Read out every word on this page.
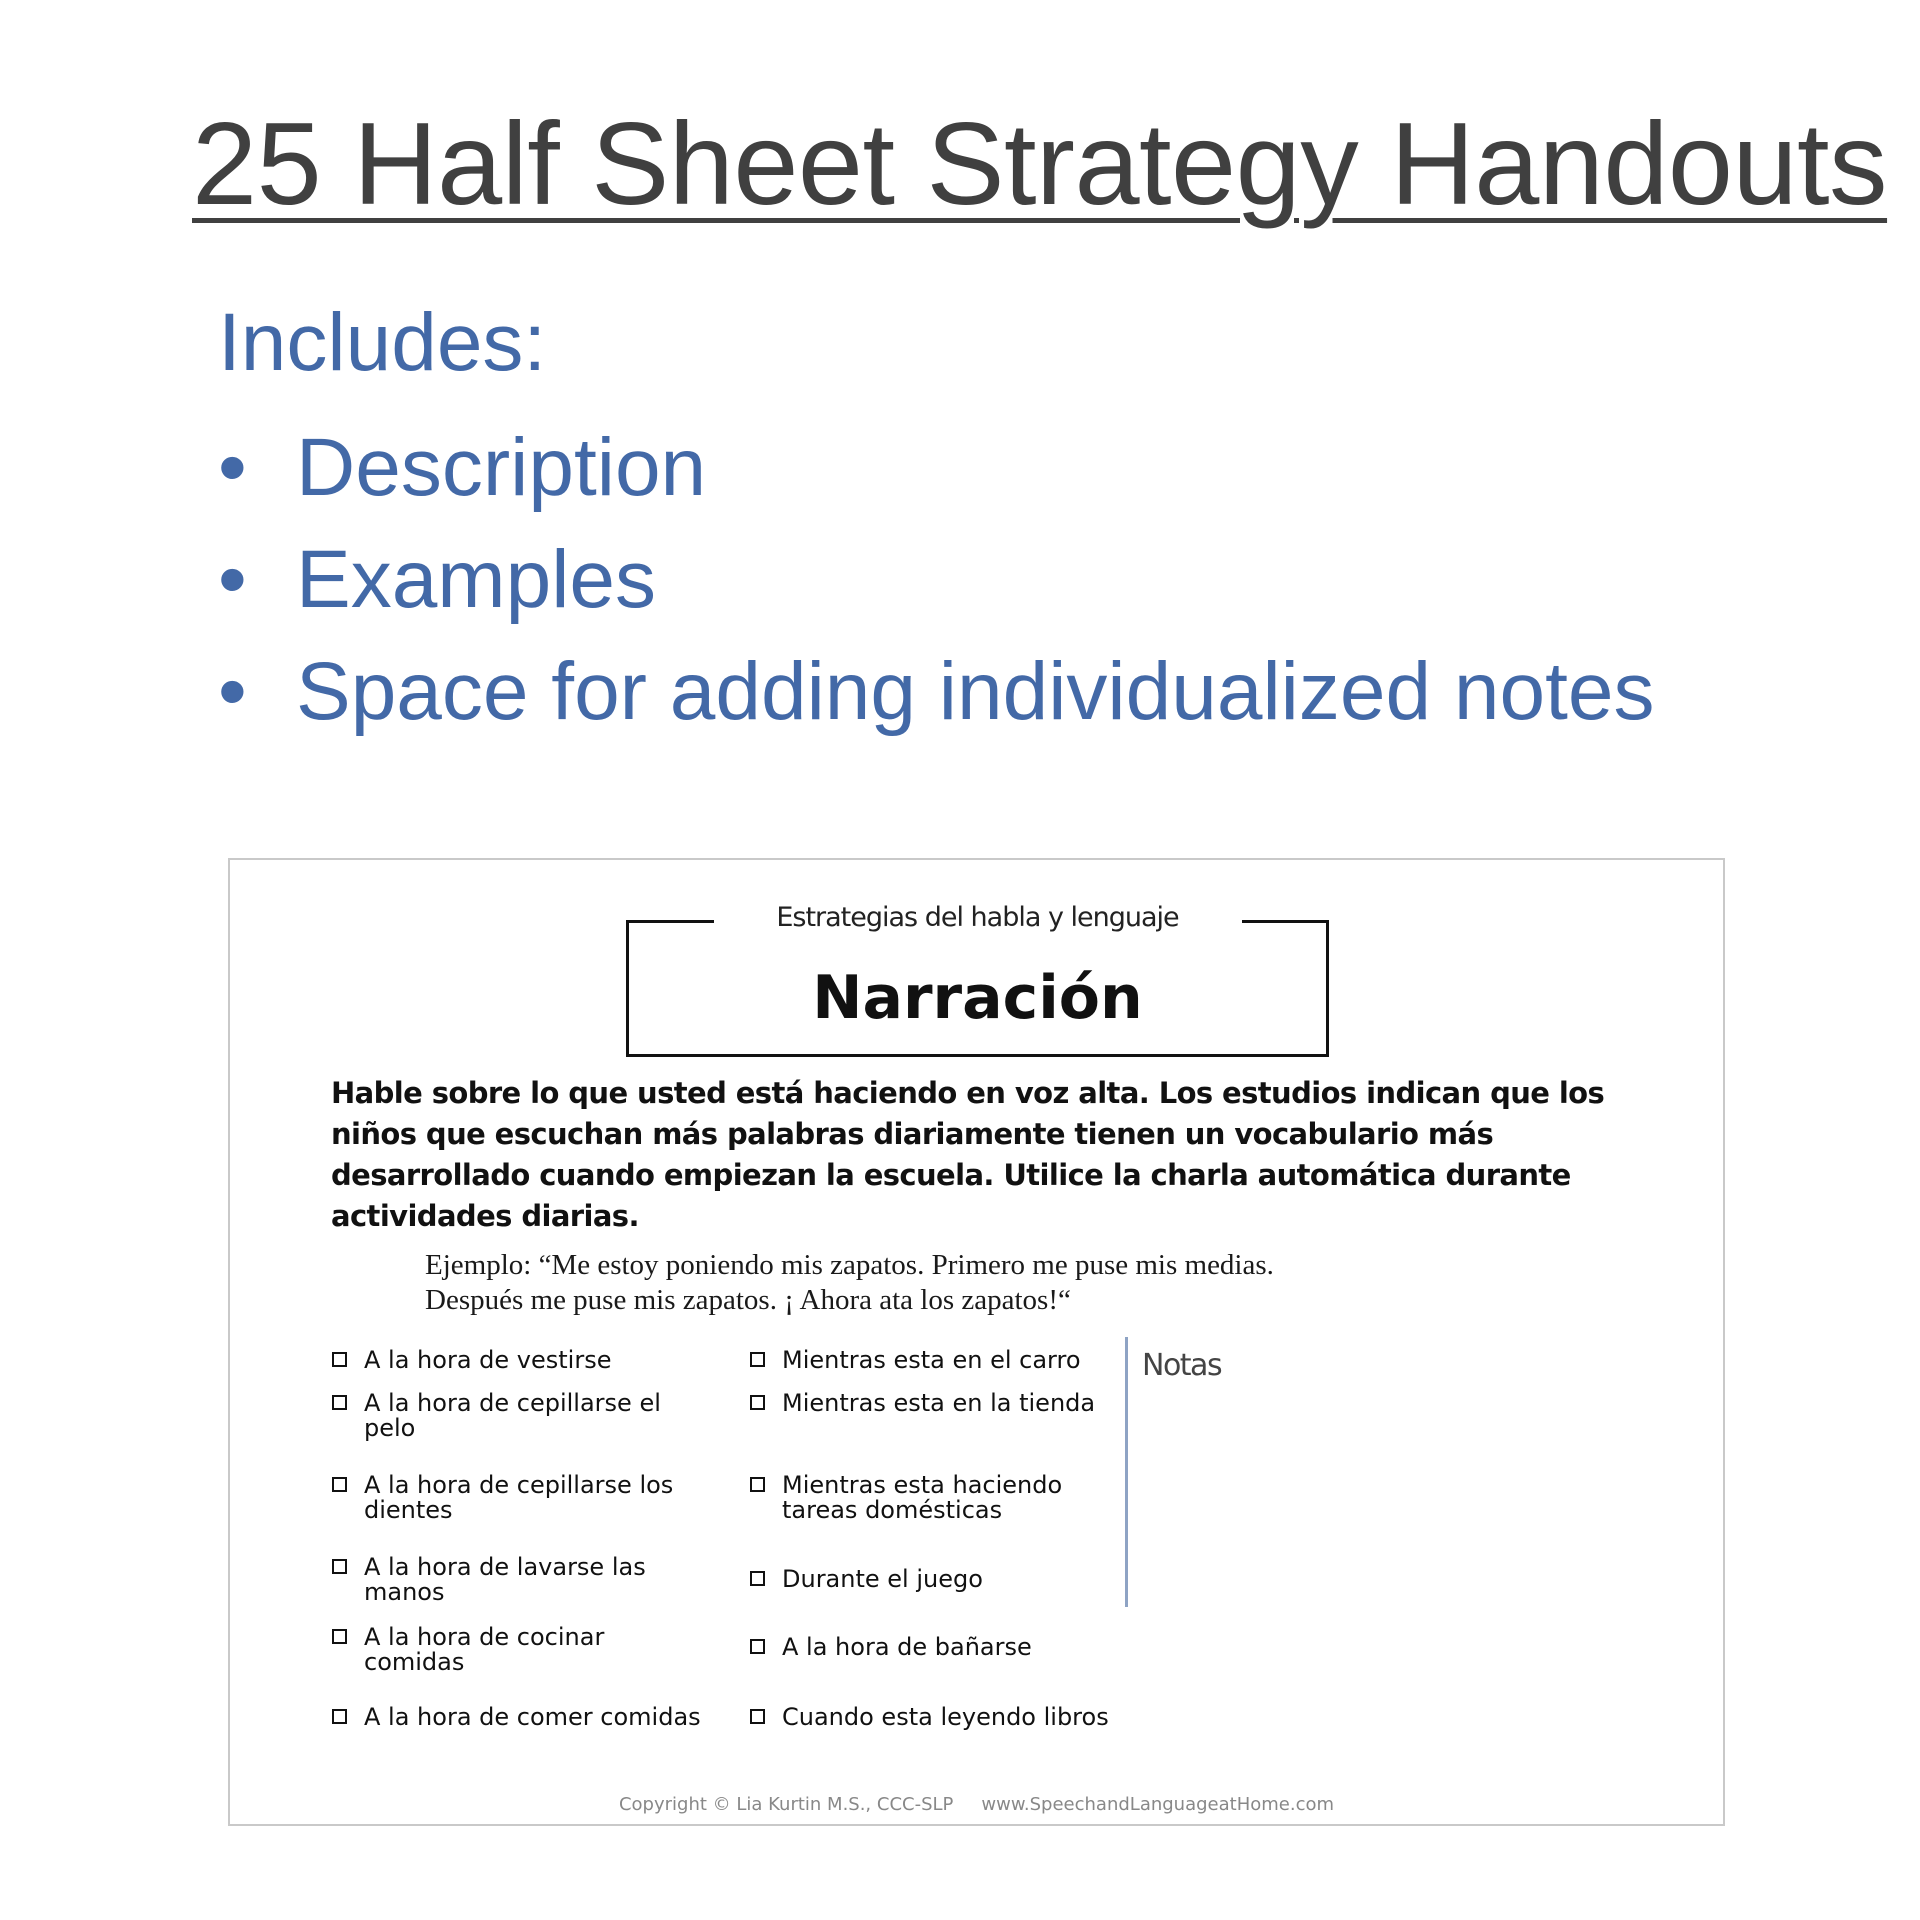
25 Half Sheet Strategy Handouts

Includes:

• Description
• Examples
• Space for adding individualized notes
Estrategias del habla y lenguaje
Narración

Hable sobre lo que usted está haciendo en voz alta. Los estudios indican que los niños que escuchan más palabras diariamente tienen un vocabulario más desarrollado cuando empiezan la escuela. Utilice la charla automática durante actividades diarias.

Ejemplo: “Me estoy poniendo mis zapatos. Primero me puse mis medias.
Después me puse mis zapatos. ¡ Ahora ata los zapatos!“

A la hora de vestirse
A la hora de cepillarse el pelo
A la hora de cepillarse los dientes
A la hora de lavarse las manos
A la hora de cocinar comidas
A la hora de comer comidas
Mientras esta en el carro
Mientras esta en la tienda
Mientras esta haciendo tareas domésticas
Durante el juego
A la hora de bañarse
Cuando esta leyendo libros
Notas
Copyright © Lia Kurtin M.S., CCC-SLP www.SpeechandLanguageatHome.com
